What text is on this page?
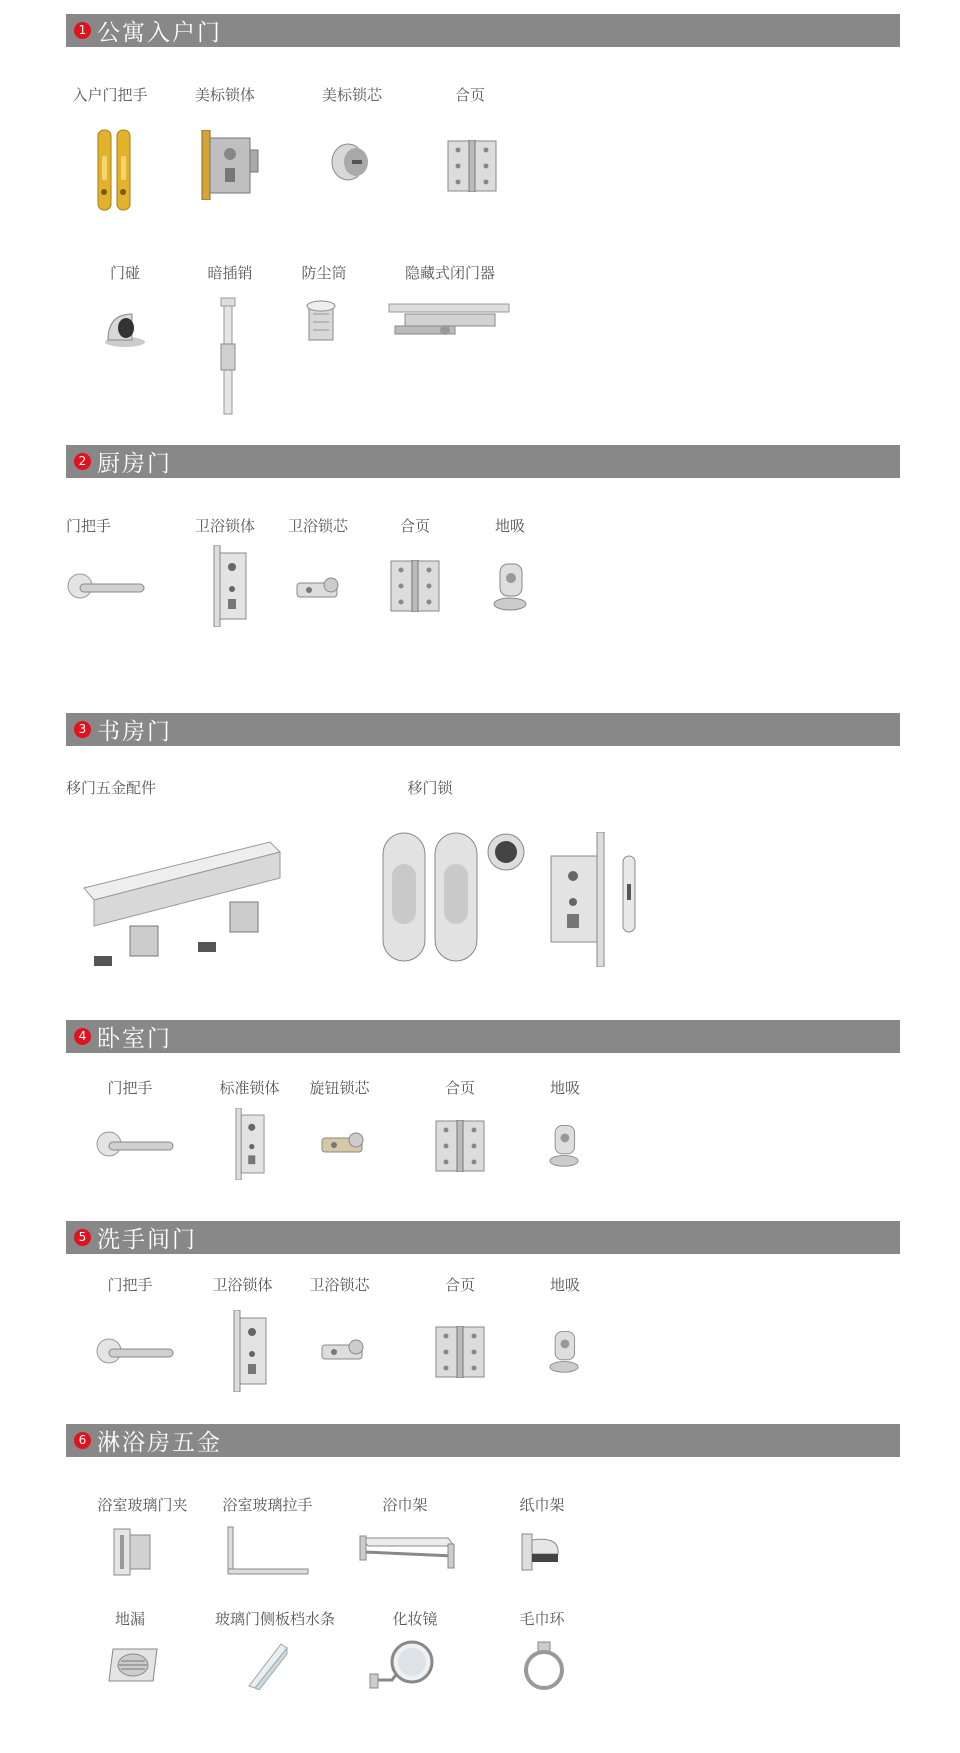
1 公寓入户门
入户门把手	美标锁体	美标锁芯	合页
门碰	暗插销	防尘筒	隐藏式闭门器
2 厨房门
门把手	卫浴锁体	卫浴锁芯	合页	地吸
3 书房门
移门五金配件	移门锁
4 卧室门
门把手	标准锁体	旋钮锁芯	合页	地吸
5 洗手间门
门把手	卫浴锁体	卫浴锁芯	合页	地吸
6 淋浴房五金
浴室玻璃门夹	浴室玻璃拉手	浴巾架	纸巾架
地漏	玻璃门侧板档水条	化妆镜	毛巾环
